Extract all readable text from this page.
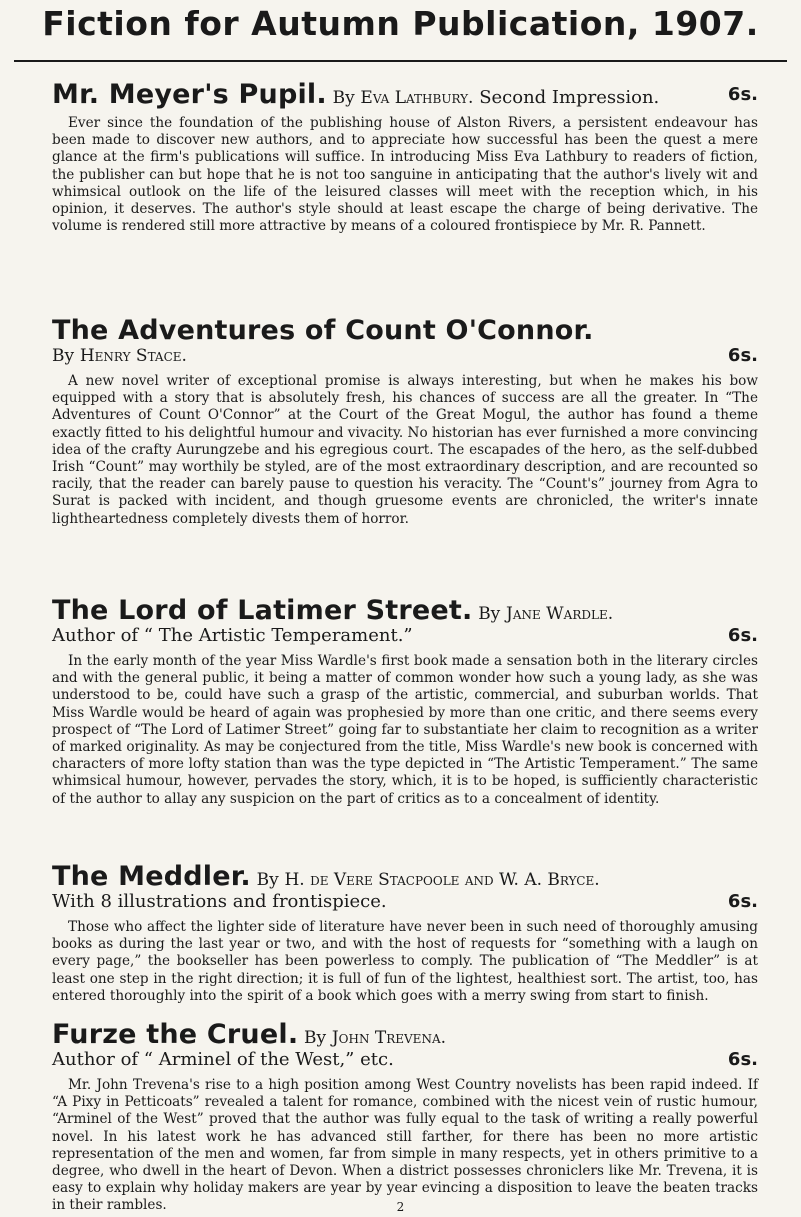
Fiction for Autumn Publication, 1907.
Mr. Meyer's Pupil. By Eva Lathbury. Second Impression.	6s.

Ever since the foundation of the publishing house of Alston Rivers, a persistent endeavour has been made to discover new authors, and to appreciate how successful has been the quest a mere glance at the firm's publications will suffice. In introducing Miss Eva Lathbury to readers of fiction, the publisher can but hope that he is not too sanguine in anticipating that the author's lively wit and whimsical outlook on the life of the leisured classes will meet with the reception which, in his opinion, it deserves. The author's style should at least escape the charge of being derivative. The volume is rendered still more attractive by means of a coloured frontispiece by Mr. R. Pannett.

The Adventures of Count O'Connor.
By Henry Stace.	6s.

A new novel writer of exceptional promise is always interesting, but when he makes his bow equipped with a story that is absolutely fresh, his chances of success are all the greater. In “The Adventures of Count O'Connor” at the Court of the Great Mogul, the author has found a theme exactly fitted to his delightful humour and vivacity. No historian has ever furnished a more convincing idea of the crafty Aurungzebe and his egregious court. The escapades of the hero, as the self-dubbed Irish “Count” may worthily be styled, are of the most extraordinary description, and are recounted so racily, that the reader can barely pause to question his veracity. The “Count's” journey from Agra to Surat is packed with incident, and though gruesome events are chronicled, the writer's innate lightheartedness completely divests them of horror.

The Lord of Latimer Street. By Jane Wardle.
Author of “ The Artistic Temperament.”	6s.

In the early month of the year Miss Wardle's first book made a sensation both in the literary circles and with the general public, it being a matter of common wonder how such a young lady, as she was understood to be, could have such a grasp of the artistic, commercial, and suburban worlds. That Miss Wardle would be heard of again was prophesied by more than one critic, and there seems every prospect of “The Lord of Latimer Street” going far to substantiate her claim to recognition as a writer of marked originality. As may be conjectured from the title, Miss Wardle's new book is concerned with characters of more lofty station than was the type depicted in “The Artistic Temperament.” The same whimsical humour, however, pervades the story, which, it is to be hoped, is sufficiently characteristic of the author to allay any suspicion on the part of critics as to a concealment of identity.

The Meddler. By H. de Vere Stacpoole and W. A. Bryce.
With 8 illustrations and frontispiece.	6s.

Those who affect the lighter side of literature have never been in such need of thoroughly amusing books as during the last year or two, and with the host of requests for “something with a laugh on every page,” the bookseller has been powerless to comply. The publication of “The Meddler” is at least one step in the right direction; it is full of fun of the lightest, healthiest sort. The artist, too, has entered thoroughly into the spirit of a book which goes with a merry swing from start to finish.

Furze the Cruel. By John Trevena.
Author of “ Arminel of the West,” etc.	6s.

Mr. John Trevena's rise to a high position among West Country novelists has been rapid indeed. If “A Pixy in Petticoats” revealed a talent for romance, combined with the nicest vein of rustic humour, “Arminel of the West” proved that the author was fully equal to the task of writing a really powerful novel. In his latest work he has advanced still farther, for there has been no more artistic representation of the men and women, far from simple in many respects, yet in others primitive to a degree, who dwell in the heart of Devon. When a district possesses chroniclers like Mr. Trevena, it is easy to explain why holiday makers are year by year evincing a disposition to leave the beaten tracks in their rambles.	2
